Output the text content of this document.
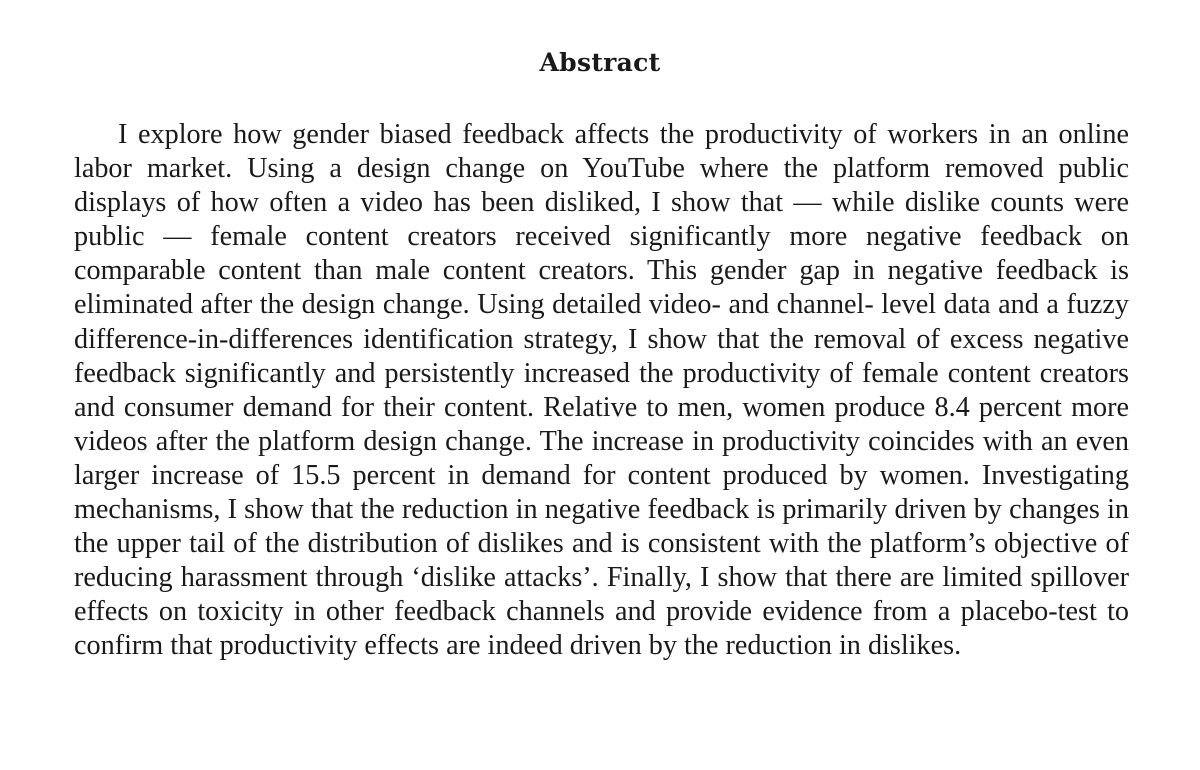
Abstract

I explore how gender biased feedback affects the productivity of workers in an online labor market. Using a design change on YouTube where the platform removed public displays of how often a video has been disliked, I show that — while dislike counts were public — female content creators received significantly more negative feedback on comparable content than male content creators. This gender gap in negative feedback is eliminated after the design change. Using detailed video- and channel- level data and a fuzzy difference-in-differences identification strategy, I show that the removal of excess negative feedback significantly and persistently increased the productivity of female content creators and consumer demand for their content. Relative to men, women produce 8.4 percent more videos after the platform design change. The increase in productivity coincides with an even larger increase of 15.5 percent in demand for content produced by women. Investigating mechanisms, I show that the reduction in negative feedback is primarily driven by changes in the upper tail of the distribution of dislikes and is consistent with the platform’s objective of reducing harassment through ‘dislike attacks’. Finally, I show that there are limited spillover effects on toxicity in other feedback channels and provide evidence from a placebo-test to confirm that productivity effects are indeed driven by the reduction in dislikes.
